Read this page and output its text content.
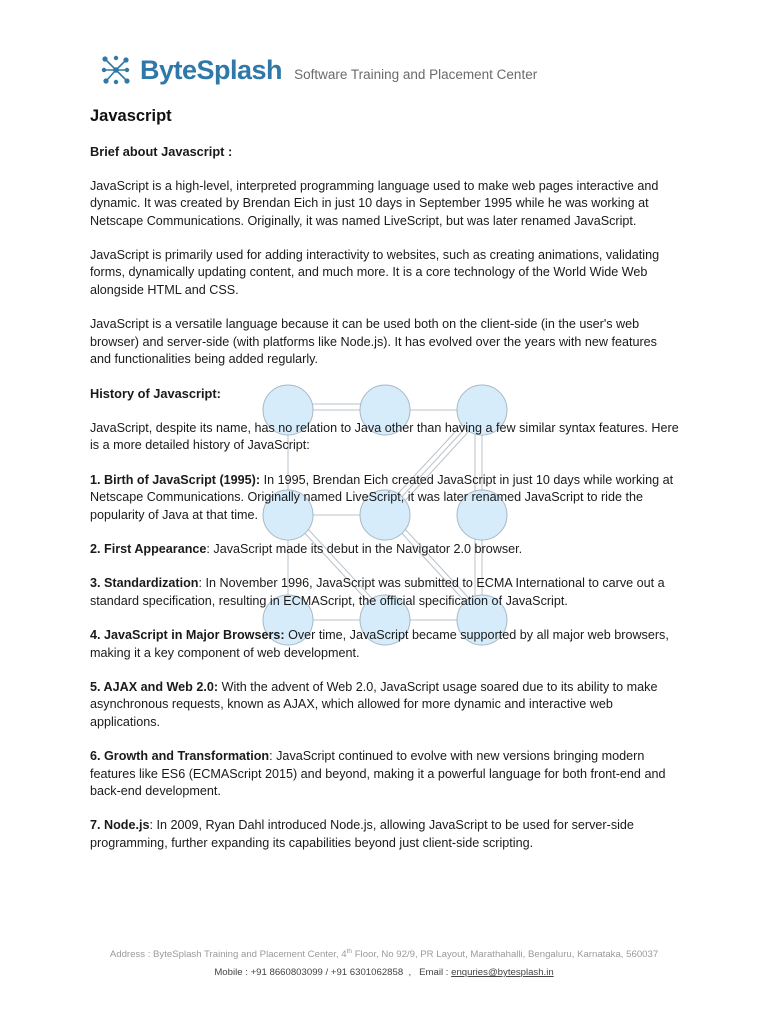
ByteSplash Software Training and Placement Center
Javascript

Brief about Javascript :

JavaScript is a high-level, interpreted programming language used to make web pages interactive and dynamic. It was created by Brendan Eich in just 10 days in September 1995 while he was working at Netscape Communications. Originally, it was named LiveScript, but was later renamed JavaScript.

JavaScript is primarily used for adding interactivity to websites, such as creating animations, validating forms, dynamically updating content, and much more. It is a core technology of the World Wide Web alongside HTML and CSS.

JavaScript is a versatile language because it can be used both on the client-side (in the user's web browser) and server-side (with platforms like Node.js). It has evolved over the years with new features and functionalities being added regularly.

History of Javascript:

JavaScript, despite its name, has no relation to Java other than having a few similar syntax features. Here is a more detailed history of JavaScript:

1. Birth of JavaScript (1995): In 1995, Brendan Eich created JavaScript in just 10 days while working at Netscape Communications. Originally named LiveScript, it was later renamed JavaScript to ride the popularity of Java at that time.

2. First Appearance: JavaScript made its debut in the Navigator 2.0 browser.

3. Standardization: In November 1996, JavaScript was submitted to ECMA International to carve out a standard specification, resulting in ECMAScript, the official specification of JavaScript.

4. JavaScript in Major Browsers: Over time, JavaScript became supported by all major web browsers, making it a key component of web development.

5. AJAX and Web 2.0: With the advent of Web 2.0, JavaScript usage soared due to its ability to make asynchronous requests, known as AJAX, which allowed for more dynamic and interactive web applications.

6. Growth and Transformation: JavaScript continued to evolve with new versions bringing modern features like ES6 (ECMAScript 2015) and beyond, making it a powerful language for both front-end and back-end development.

7. Node.js: In 2009, Ryan Dahl introduced Node.js, allowing JavaScript to be used for server-side programming, further expanding its capabilities beyond just client-side scripting.

Address : ByteSplash Training and Placement Center, 4th Floor, No 92/9, PR Layout, Marathahalli, Bengaluru, Karnataka, 560037
Mobile : +91 8660803099 / +91 6301062858  ,   Email : enquries@bytesplash.in
